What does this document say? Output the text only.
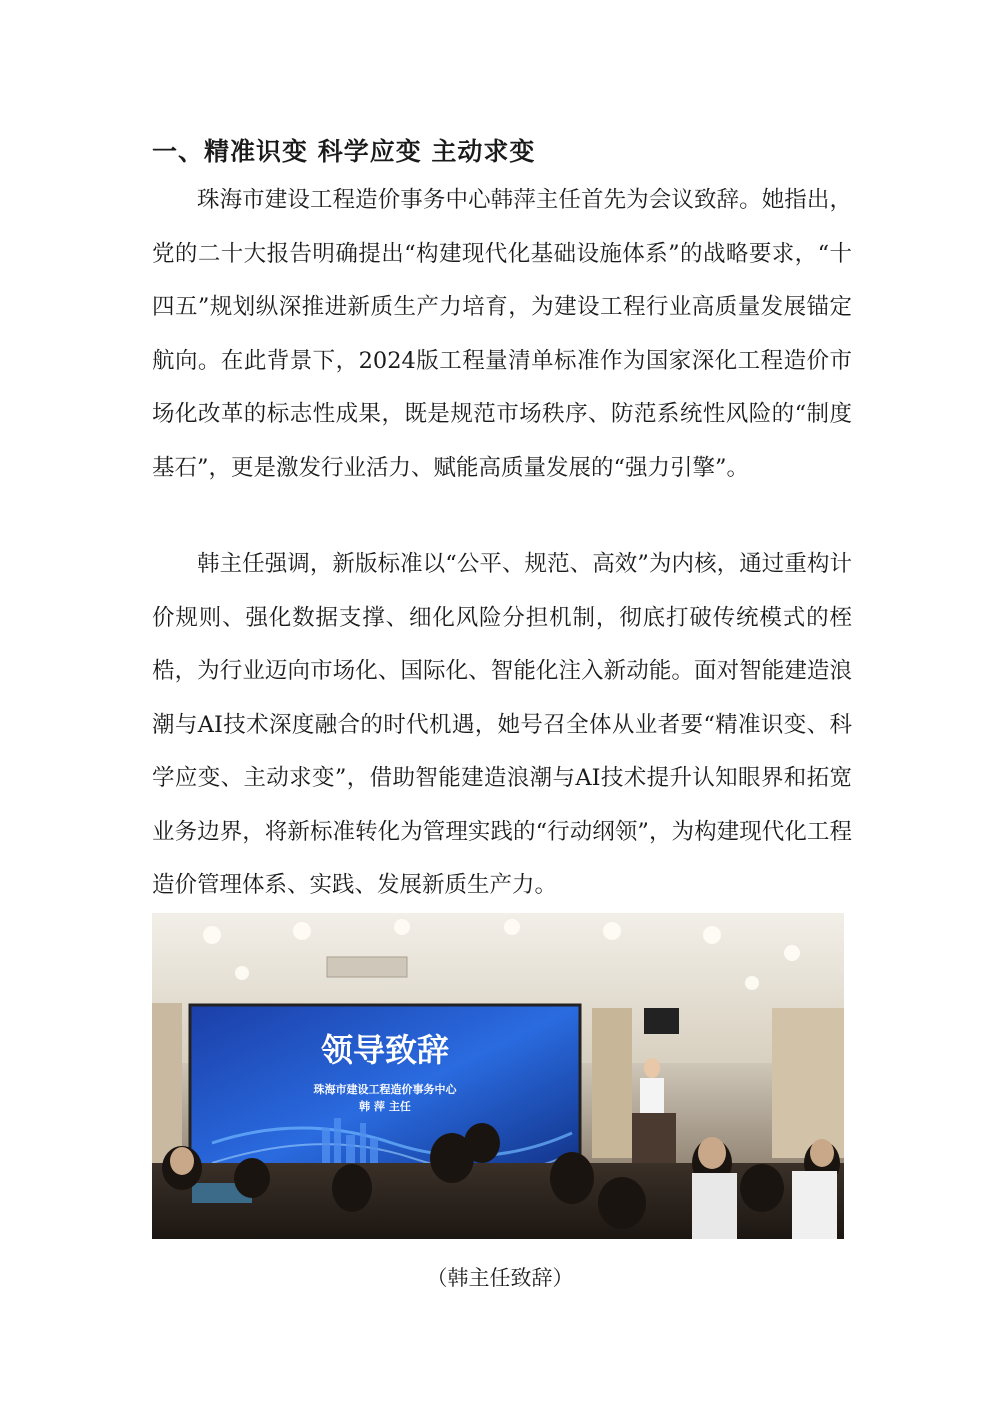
一、精准识变 科学应变 主动求变

珠海市建设工程造价事务中心韩萍主任首先为会议致辞。她指出，党的二十大报告明确提出“构建现代化基础设施体系”的战略要求，“十四五”规划纵深推进新质生产力培育，为建设工程行业高质量发展锚定航向。在此背景下，2024版工程量清单标准作为国家深化工程造价市场化改革的标志性成果，既是规范市场秩序、防范系统性风险的“制度基石”，更是激发行业活力、赋能高质量发展的“强力引擎”。

韩主任强调，新版标准以“公平、规范、高效”为内核，通过重构计价规则、强化数据支撑、细化风险分担机制，彻底打破传统模式的桎梏，为行业迈向市场化、国际化、智能化注入新动能。面对智能建造浪潮与AI技术深度融合的时代机遇，她号召全体从业者要“精准识变、科学应变、主动求变”，借助智能建造浪潮与AI技术提升认知眼界和拓宽业务边界，将新标准转化为管理实践的“行动纲领”，为构建现代化工程造价管理体系、实践、发展新质生产力。

领导致辞
珠海市建设工程造价事务中心
韩 萍 主任
（韩主任致辞）
